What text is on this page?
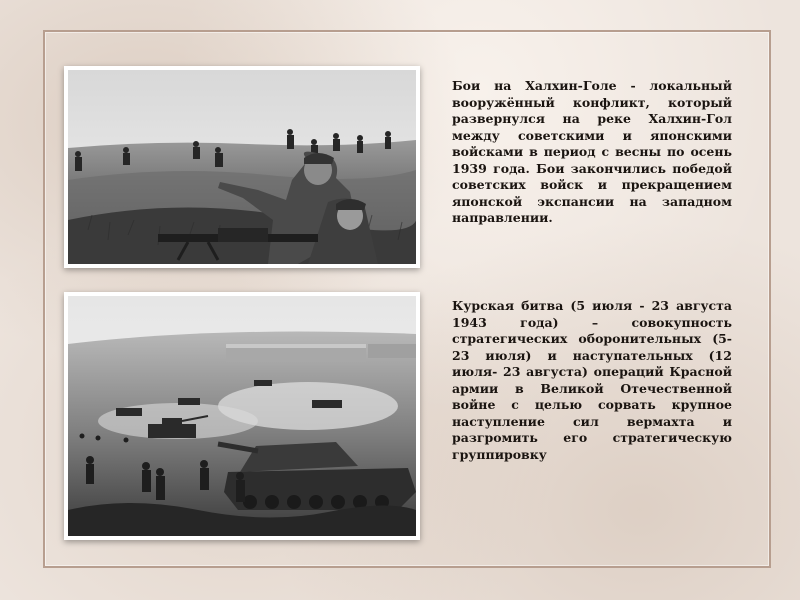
Бои на Халхин-Голе - локальный вооружённый конфликт, который развернулся на реке Халхин-Гол между советскими и японскими войсками в период с весны по осень 1939 года. Бои закончились победой советских войск и прекращением японской экспансии на западном направлении.
Курская битва (5 июля - 23 августа 1943 года) – совокупность стратегических оборонительных (5-23 июля) и наступательных (12 июля- 23 августа) операций Красной армии в Великой Отечественной войне с целью сорвать крупное наступление сил вермахта и разгромить его стратегическую группировку
